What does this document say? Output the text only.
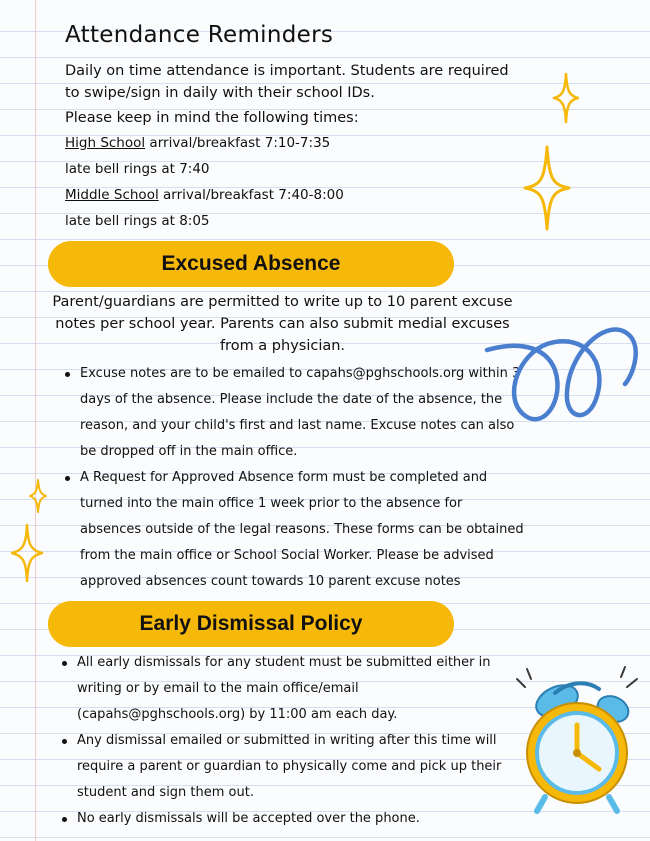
Attendance Reminders
Daily on time attendance is important. Students are required to swipe/sign in daily with their school IDs.
Please keep in mind the following times:
High School arrival/breakfast 7:10-7:35
late bell rings at 7:40
Middle School arrival/breakfast 7:40-8:00
late bell rings at 8:05
Excused Absence
Parent/guardians are permitted to write up to 10 parent excuse notes per school year. Parents can also submit medial excuses from a physician.
Excuse notes are to be emailed to capahs@pghschools.org within 3 days of the absence. Please include the date of the absence, the reason, and your child's first and last name. Excuse notes can also be dropped off in the main office.
A Request for Approved Absence form must be completed and turned into the main office 1 week prior to the absence for absences outside of the legal reasons. These forms can be obtained from the main office or School Social Worker. Please be advised approved absences count towards 10 parent excuse notes
Early Dismissal Policy
All early dismissals for any student must be submitted either in writing or by email to the main office/email (capahs@pghschools.org) by 11:00 am each day.
Any dismissal emailed or submitted in writing after this time will require a parent or guardian to physically come and pick up their student and sign them out.
No early dismissals will be accepted over the phone.
